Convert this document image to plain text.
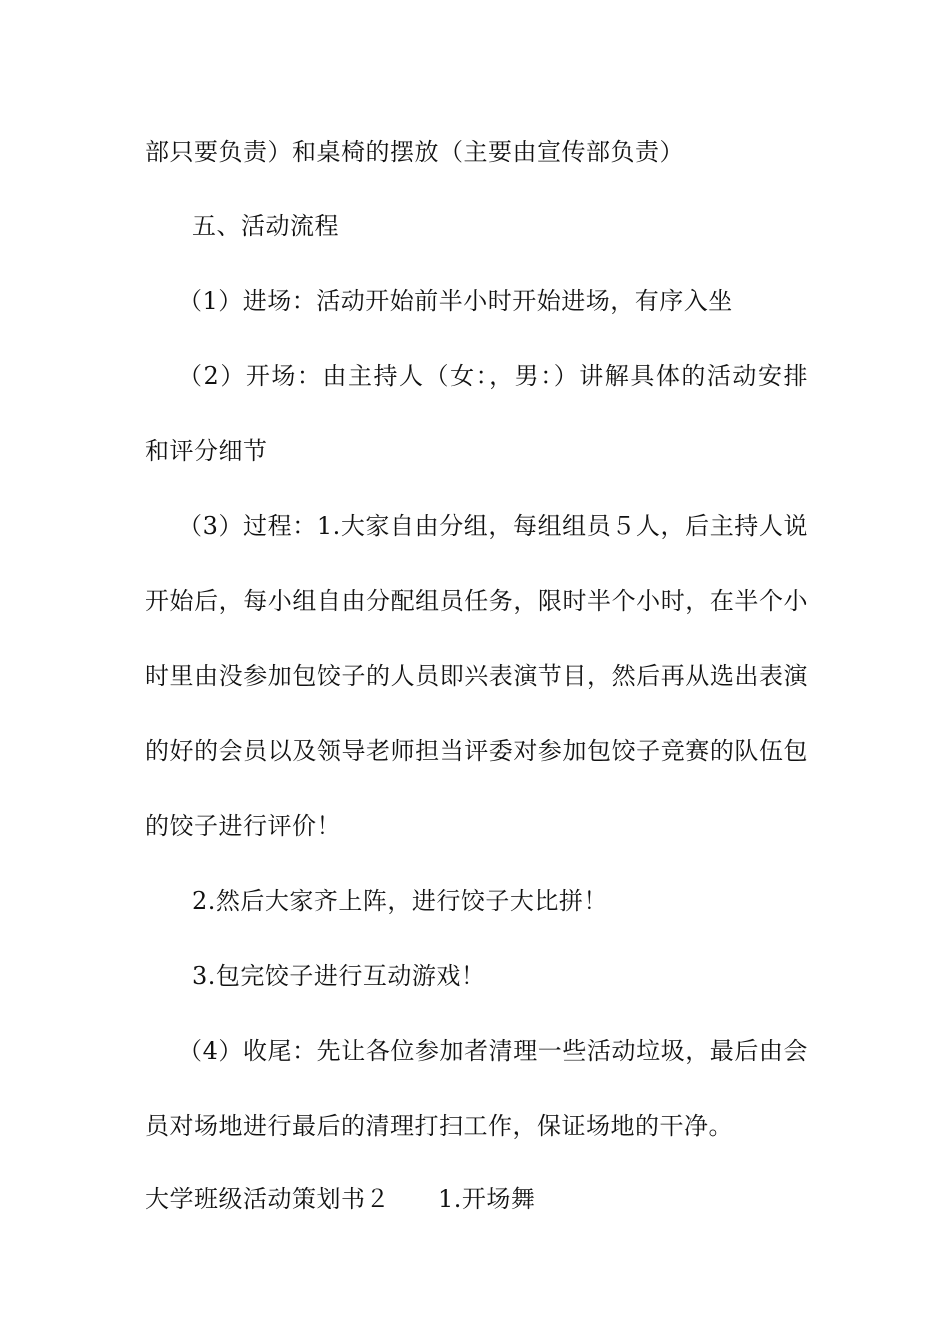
部只要负责）和桌椅的摆放（主要由宣传部负责）
五、活动流程
（1）进场：活动开始前半小时开始进场，有序入坐
（2）开场：由主持人（女：，男：）讲解具体的活动安排
和评分细节
（3）过程：1.大家自由分组，每组组员５人，后主持人说
开始后，每小组自由分配组员任务，限时半个小时，在半个小
时里由没参加包饺子的人员即兴表演节目，然后再从选出表演
的好的会员以及领导老师担当评委对参加包饺子竞赛的队伍包
的饺子进行评价！
2.然后大家齐上阵，进行饺子大比拼！
3.包完饺子进行互动游戏！
（4）收尾：先让各位参加者清理一些活动垃圾，最后由会
员对场地进行最后的清理打扫工作，保证场地的干净。
大学班级活动策划书２ 1.开场舞
